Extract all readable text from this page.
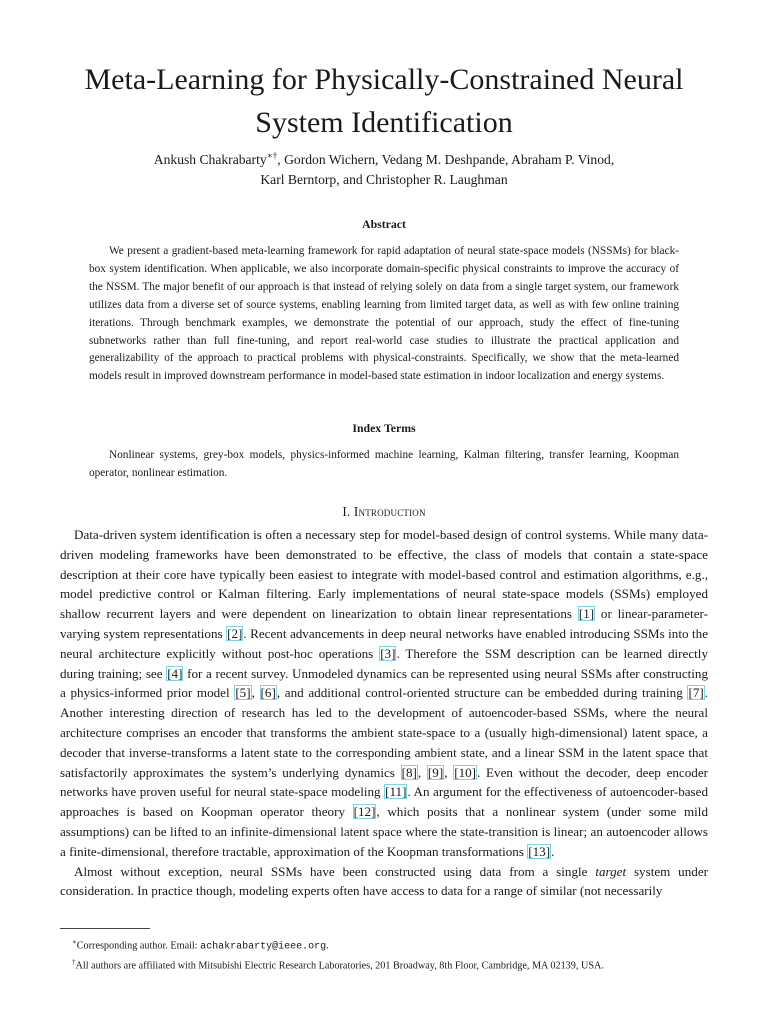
Meta-Learning for Physically-Constrained Neural
System Identification
Ankush Chakrabarty∗†, Gordon Wichern, Vedang M. Deshpande, Abraham P. Vinod,
Karl Berntorp, and Christopher R. Laughman
Abstract
We present a gradient-based meta-learning framework for rapid adaptation of neural state-space models (NSSMs) for black-box system identification. When applicable, we also incorporate domain-specific physical constraints to improve the accuracy of the NSSM. The major benefit of our approach is that instead of relying solely on data from a single target system, our framework utilizes data from a diverse set of source systems, enabling learning from limited target data, as well as with few online training iterations. Through benchmark examples, we demonstrate the potential of our approach, study the effect of fine-tuning subnetworks rather than full fine-tuning, and report real-world case studies to illustrate the practical application and generalizability of the approach to practical problems with physical-constraints. Specifically, we show that the meta-learned models result in improved downstream performance in model-based state estimation in indoor localization and energy systems.
Index Terms
Nonlinear systems, grey-box models, physics-informed machine learning, Kalman filtering, transfer learning, Koopman operator, nonlinear estimation.
I. Introduction

Data-driven system identification is often a necessary step for model-based design of control systems. While many data-driven modeling frameworks have been demonstrated to be effective, the class of models that contain a state-space description at their core have typically been easiest to integrate with model-based control and estimation algorithms, e.g., model predictive control or Kalman filtering. Early implementations of neural state-space models (SSMs) employed shallow recurrent layers and were dependent on linearization to obtain linear representations [1] or linear-parameter-varying system representations [2]. Recent advancements in deep neural networks have enabled introducing SSMs into the neural architecture explicitly without post-hoc operations [3]. Therefore the SSM description can be learned directly during training; see [4] for a recent survey. Unmodeled dynamics can be represented using neural SSMs after constructing a physics-informed prior model [5], [6], and additional control-oriented structure can be embedded during training [7]. Another interesting direction of research has led to the development of autoencoder-based SSMs, where the neural architecture comprises an encoder that transforms the ambient state-space to a (usually high-dimensional) latent space, a decoder that inverse-transforms a latent state to the corresponding ambient state, and a linear SSM in the latent space that satisfactorily approximates the system’s underlying dynamics [8], [9], [10]. Even without the decoder, deep encoder networks have proven useful for neural state-space modeling [11]. An argument for the effectiveness of autoencoder-based approaches is based on Koopman operator theory [12], which posits that a nonlinear system (under some mild assumptions) can be lifted to an infinite-dimensional latent space where the state-transition is linear; an autoencoder allows a finite-dimensional, therefore tractable, approximation of the Koopman transformations [13].

Almost without exception, neural SSMs have been constructed using data from a single target system under consideration. In practice though, modeling experts often have access to data for a range of similar (not necessarily

∗Corresponding author. Email: achakrabarty@ieee.org.
†All authors are affiliated with Mitsubishi Electric Research Laboratories, 201 Broadway, 8th Floor, Cambridge, MA 02139, USA.
